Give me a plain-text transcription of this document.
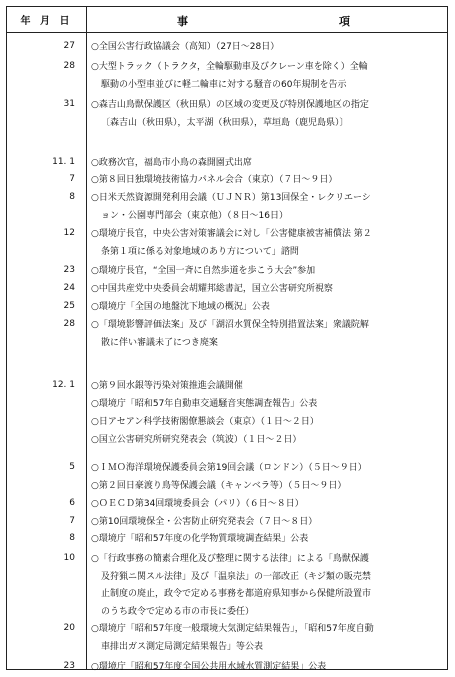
年 月 日	事	項
27 ○全国公害行政協議会（高知）（27日〜28日）
28 ○大型トラック（トラクタ，全輪駆動車及びクレーン車を除く）全輪
駆動の小型車並びに軽二輪車に対する騒音の60年規制を告示
31 ○森吉山鳥獣保護区（秋田県）の区域の変更及び特別保護地区の指定
〔森吉山（秋田県），太平湖（秋田県），草垣島（鹿児島県）〕
11. 1 ○政務次官，福島市小鳥の森開園式出席
7 ○第８回日独環境技術協力パネル会合（東京）（７日〜９日）
8 ○日米天然資源開発利用会議（ＵＪＮＲ）第13回保全・レクリエーシ
ョン・公園専門部会（東京他）（８日〜16日）
12 ○環境庁長官，中央公害対策審議会に対し「公害健康被害補償法 第２
条第１項に係る対象地域のあり方について」諮問
23 ○環境庁長官，“全国一斉に自然歩道を歩こう大会”参加
24 ○中国共産党中央委員会胡耀邦総書記，国立公害研究所視察
25 ○環境庁「全国の地盤沈下地域の概況」公表
28 ○「環境影響評価法案」及び「湖沼水質保全特別措置法案」衆議院解
散に伴い審議未了につき廃案
12. 1 ○第９回水銀等汚染対策推進会議開催
○環境庁「昭和57年自動車交通騒音実態調査報告」公表
○日アセアン科学技術閣僚懇談会（東京）（１日〜２日）
○国立公害研究所研究発表会（筑波）（１日〜２日）
5 ○ＩＭＯ海洋環境保護委員会第19回会議（ロンドン）（５日〜９日）
○第２回日豪渡り鳥等保護会議（キャンベラ等）（５日〜９日）
6 ○ＯＥＣＤ第34回環境委員会（パリ）（６日〜８日）
7 ○第10回環境保全・公害防止研究発表会（７日〜８日）
8 ○環境庁「昭和57年度の化学物質環境調査結果」公表
10 ○「行政事務の簡素合理化及び整理に関する法律」による「鳥獣保護
及狩猟ニ関スル法律」及び「温泉法」の一部改正（キジ類の販売禁
止制度の廃止，政令で定める事務を都道府県知事から保健所設置市
のうち政令で定める市の市長に委任）
20 ○環境庁「昭和57年度一般環境大気測定結果報告」，「昭和57年度自動
車排出ガス測定局測定結果報告」等公表
23 ○環境庁「昭和57年度全国公共用水域水質測定結果」公表
